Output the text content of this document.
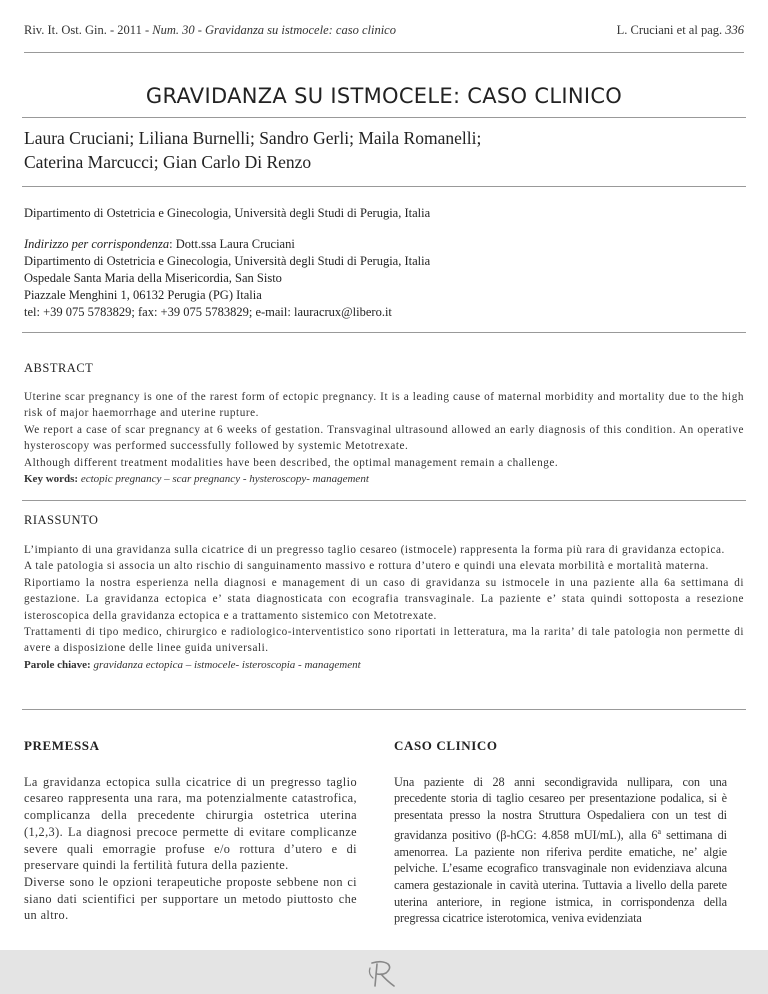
Riv. It. Ost. Gin. - 2011 - Num. 30 - Gravidanza su istmocele: caso clinico	L. Cruciani et al pag. 336
GRAVIDANZA SU ISTMOCELE: CASO CLINICO
Laura Cruciani; Liliana Burnelli; Sandro Gerli; Maila Romanelli;
Caterina Marcucci; Gian Carlo Di Renzo
Dipartimento di Ostetricia e Ginecologia, Università degli Studi di Perugia, Italia
Indirizzo per corrispondenza: Dott.ssa Laura Cruciani
Dipartimento di Ostetricia e Ginecologia, Università degli Studi di Perugia, Italia
Ospedale Santa Maria della Misericordia, San Sisto
Piazzale Menghini 1, 06132 Perugia (PG) Italia
tel: +39 075 5783829; fax: +39 075 5783829; e-mail: lauracrux@libero.it
ABSTRACT

Uterine scar pregnancy is one of the rarest form of ectopic pregnancy. It is a leading cause of maternal morbidity and mortality due to the high risk of major haemorrhage and uterine rupture.

We report a case of scar pregnancy at 6 weeks of gestation. Transvaginal ultrasound allowed an early diagnosis of this condition. An operative hysteroscopy was performed successfully followed by systemic Metotrexate.

Although different treatment modalities have been described, the optimal management remain a challenge.

Key words: ectopic pregnancy – scar pregnancy - hysteroscopy- management

RIASSUNTO

L’impianto di una gravidanza sulla cicatrice di un pregresso taglio cesareo (istmocele) rappresenta la forma più rara di gravidanza ectopica.

A tale patologia si associa un alto rischio di sanguinamento massivo e rottura d’utero e quindi una elevata morbilità e mortalità materna.

Riportiamo la nostra esperienza nella diagnosi e management di un caso di gravidanza su istmocele in una paziente alla 6a settimana di gestazione. La gravidanza ectopica e’ stata diagnosticata con ecografia transvaginale. La paziente e’ stata quindi sottoposta a resezione isteroscopica della gravidanza ectopica e a trattamento sistemico con Metotrexate.

Trattamenti di tipo medico, chirurgico e radiologico-interventistico sono riportati in letteratura, ma la rarita’ di tale patologia non permette di avere a disposizione delle linee guida universali.

Parole chiave: gravidanza ectopica – istmocele- isteroscopia - management

PREMESSA

La gravidanza ectopica sulla cicatrice di un pregresso taglio cesareo rappresenta una rara, ma potenzialmente catastrofica, complicanza della precedente chirurgia ostetrica uterina (1,2,3). La diagnosi precoce permette di evitare complicanze severe quali emorragie profuse e/o rottura d’utero e di preservare quindi la fertilità futura della paziente.

Diverse sono le opzioni terapeutiche proposte sebbene non ci siano dati scientifici per supportare un metodo piuttosto che un altro.

CASO CLINICO

Una paziente di 28 anni secondigravida nullipara, con una precedente storia di taglio cesareo per presentazione podalica, si è presentata presso la nostra Struttura Ospedaliera con un test di gravidanza positivo (β-hCG: 4.858 mUI/mL), alla 6$^a$ settimana di amenorrea. La paziente non riferiva perdite ematiche, ne’ algie pelviche. L’esame ecografico transvaginale non evidenziava alcuna camera gestazionale in cavità uterina. Tuttavia a livello della parete uterina anteriore, in regione istmica, in corrispondenza della pregressa cicatrice isterotomica, veniva evidenziata
